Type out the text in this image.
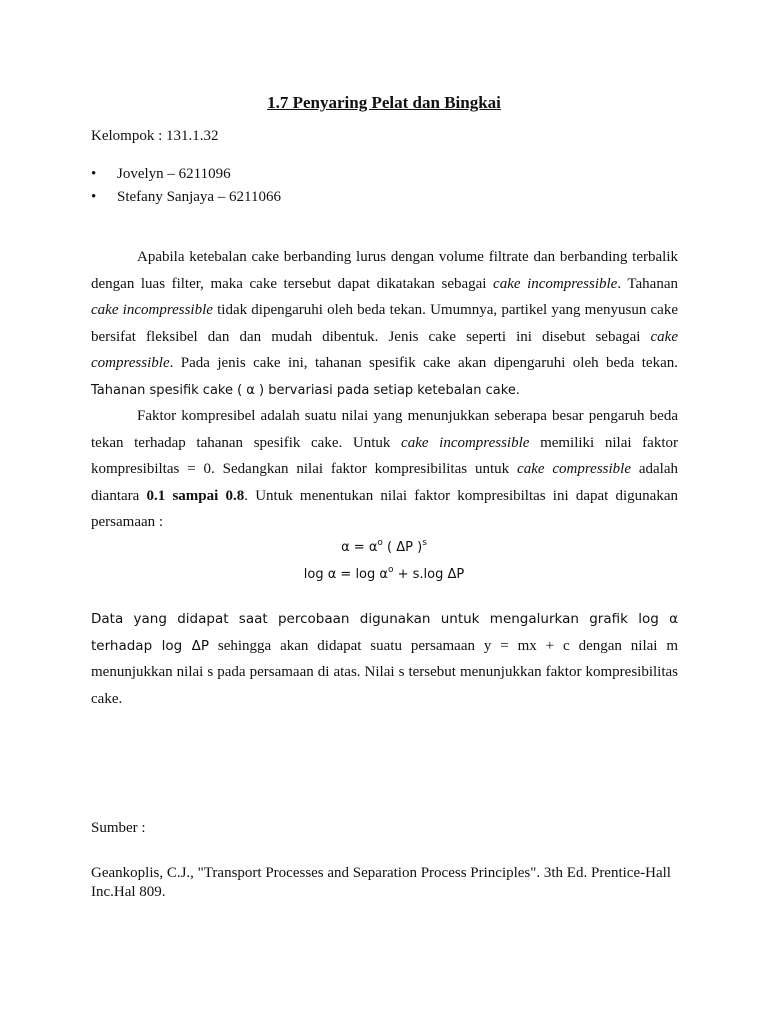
1.7 Penyaring Pelat dan Bingkai
Kelompok : 131.1.32
• Jovelyn – 6211096
• Stefany Sanjaya – 6211066

Apabila ketebalan cake berbanding lurus dengan volume filtrate dan berbanding terbalik dengan luas filter, maka cake tersebut dapat dikatakan sebagai cake incompressible. Tahanan cake incompressible tidak dipengaruhi oleh beda tekan. Umumnya, partikel yang menyusun cake bersifat fleksibel dan dan mudah dibentuk. Jenis cake seperti ini disebut sebagai cake compressible. Pada jenis cake ini, tahanan spesifik cake akan dipengaruhi oleh beda tekan. Tahanan spesifik cake ( α ) bervariasi pada setiap ketebalan cake.

Faktor kompresibel adalah suatu nilai yang menunjukkan seberapa besar pengaruh beda tekan terhadap tahanan spesifik cake. Untuk cake incompressible memiliki nilai faktor kompresibiltas = 0. Sedangkan nilai faktor kompresibilitas untuk cake compressible adalah diantara 0.1 sampai 0.8. Untuk menentukan nilai faktor kompresibiltas ini dapat digunakan persamaan :

$\alpha = \alpha^o$ ( ΔP )$^s$
$\log \alpha = \log \alpha^o + s.\log$ ΔP

Data yang didapat saat percobaan digunakan untuk mengalurkan grafik log α terhadap log ΔP sehingga akan didapat suatu persamaan y = mx + c dengan nilai m menunjukkan nilai s pada persamaan di atas. Nilai s tersebut menunjukkan faktor kompresibilitas cake.

Sumber :
Geankoplis, C.J., "Transport Processes and Separation Process Principles". 3th Ed. Prentice-Hall Inc.Hal 809.
